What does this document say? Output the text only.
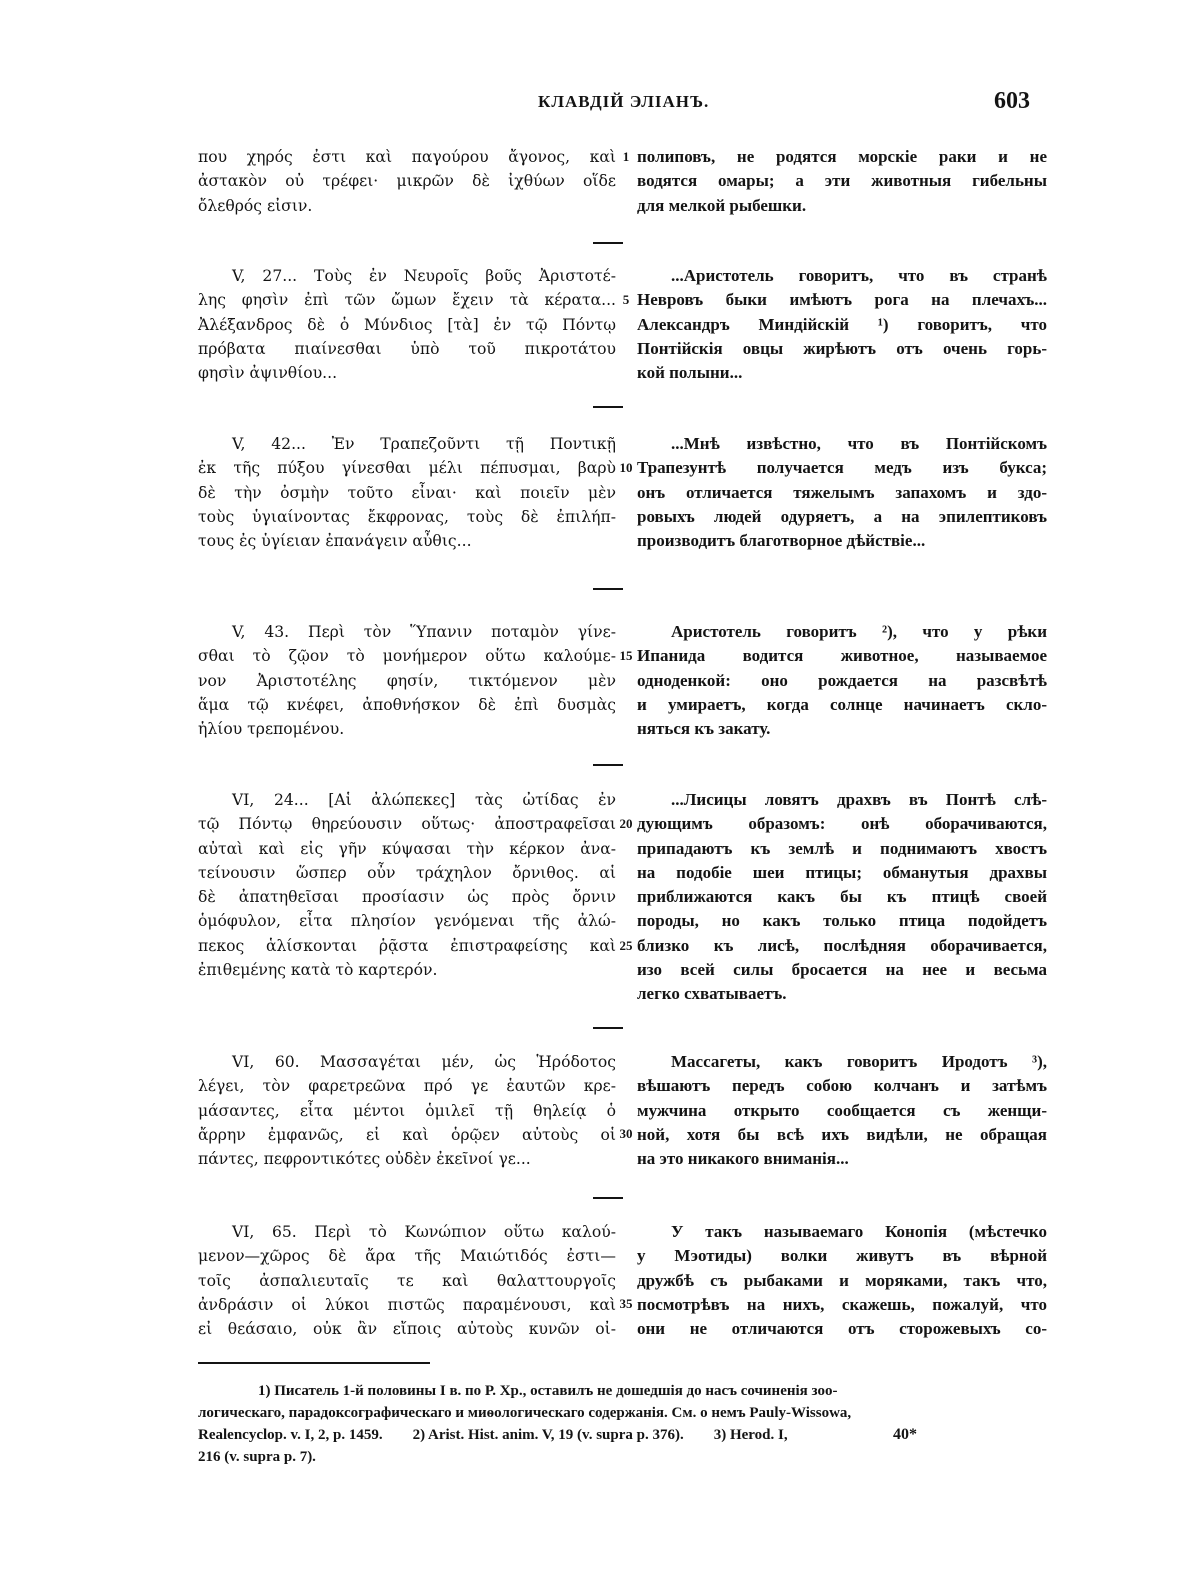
КЛАВДІЙ ЭЛІАНЪ.	603
που χηρός ἐστι καὶ παγούρου ἄγονος, καὶ
ἀστακὸν οὐ τρέφει· μικρῶν δὲ ἰχθύων οἵδε
ὄλεθρός εἰσιν.
1 полиповъ, не родятся морскіе раки и не
водятся омары; а эти животныя гибельны
для мелкой рыбешки.
V, 27... Τοὺς ἐν Νευροῖς βοῦς Ἀριστοτέ-
λης φησὶν ἐπὶ τῶν ὤμων ἔχειν τὰ κέρατα...
Ἀλέξανδρος δὲ ὁ Μύνδιος [τὰ] ἐν τῷ Πόντῳ
πρόβατα πιαίνεσθαι ὑπὸ τοῦ πικροτάτου
φησὶν ἀψινθίου...
5
...Аристотель говоритъ, что въ странѣ
Невровъ быки имѣютъ рога на плечахъ...
Александръ Миндійскій ¹) говоритъ, что
Понтійскія овцы жирѣютъ отъ очень горь-
кой полыни...
V, 42... Ἐν Τραπεζοῦντι τῇ Ποντικῇ
ἐκ τῆς πύξου γίνεσθαι μέλι πέπυσμαι, βαρὺ
δὲ τὴν ὀσμὴν τοῦτο εἶναι· καὶ ποιεῖν μὲν
τοὺς ὑγιαίνοντας ἔκφρονας, τοὺς δὲ ἐπιλήπ-
τους ἐς ὑγίειαν ἐπανάγειν αὖθις...
10
...Мнѣ извѣстно, что въ Понтійскомъ
Трапезунтѣ получается медъ изъ букса;
онъ отличается тяжелымъ запахомъ и здо-
ровыхъ людей одуряетъ, а на эпилептиковъ
производитъ благотворное дѣйствіе...
V, 43. Περὶ τὸν Ὕπανιν ποταμὸν γίνε-
σθαι τὸ ζῷον τὸ μονήμερον οὕτω καλούμε-
νον Ἀριστοτέλης φησίν, τικτόμενον μὲν
ἅμα τῷ κνέφει, ἀποθνήσκον δὲ ἐπὶ δυσμὰς
ἡλίου τρεπομένου.
15
Аристотель говоритъ ²), что у рѣки
Ипанида водится животное, называемое
одноденкой: оно рождается на разсвѣтѣ
и умираетъ, когда солнце начинаетъ скло-
няться къ закату.
VI, 24... [Αἱ ἀλώπεκες] τὰς ὠτίδας ἐν
τῷ Πόντῳ θηρεύουσιν οὕτως· ἀποστραφεῖσαι
αὐταὶ καὶ εἰς γῆν κύψασαι τὴν κέρκον ἀνα-
τείνουσιν ὥσπερ οὖν τράχηλον ὄρνιθος. αἱ
δὲ ἀπατηθεῖσαι προσίασιν ὡς πρὸς ὄρνιν
ὁμόφυλον, εἶτα πλησίον γενόμεναι τῆς ἀλώ-
πεκος ἁλίσκονται ῥᾷστα ἐπιστραφείσης καὶ
ἐπιθεμένης κατὰ τὸ καρτερόν.
20
25
...Лисицы ловятъ драхвъ въ Понтѣ слѣ-
дующимъ образомъ: онѣ оборачиваются,
припадаютъ къ землѣ и поднимаютъ хвостъ
на подобіе шеи птицы; обманутыя драхвы
приближаются какъ бы къ птицѣ своей
породы, но какъ только птица подойдетъ
близко къ лисѣ, послѣдняя оборачивается,
изо всей силы бросается на нее и весьма
легко схватываетъ.
VI, 60. Μασσαγέται μέν, ὡς Ἡρόδοτος
λέγει, τὸν φαρετρεῶνα πρό γε ἑαυτῶν κρε-
μάσαντες, εἶτα μέντοι ὁμιλεῖ τῇ θηλείᾳ ὁ
ἄρρην ἐμφανῶς, εἰ καὶ ὁρῷεν αὐτοὺς οἱ
πάντες, πεφροντικότες οὐδὲν ἐκεῖνοί γε...
30
Массагеты, какъ говоритъ Иродотъ ³),
вѣшаютъ передъ собою колчанъ и затѣмъ
мужчина открыто сообщается съ женщи-
ной, хотя бы всѣ ихъ видѣли, не обращая
на это никакого вниманія...
VI, 65. Περὶ τὸ Κωνώπιον οὕτω καλού-
μενον—χῶρος δὲ ἄρα τῆς Μαιώτιδός ἐστι—
τοῖς ἀσπαλιευταῖς τε καὶ θαλαττουργοῖς
ἀνδράσιν οἱ λύκοι πιστῶς παραμένουσι, καὶ
εἰ θεάσαιο, οὐκ ἂν εἴποις αὐτοὺς κυνῶν οἰ-
35
У такъ называемаго Конопія (мѣстечко
у Мэотиды) волки живутъ въ вѣрной
дружбѣ съ рыбаками и моряками, такъ что,
посмотрѣвъ на нихъ, скажешь, пожалуй, что
они не отличаются отъ сторожевыхъ со-
1) Писатель 1-й половины I в. по Р. Хр., оставилъ не дошедшія до насъ сочиненія зоо-
логическаго, парадоксографическаго и миѳологическаго содержанія. См. о немъ Pauly-Wissowa,
Realencyclop. v. I, 2, p. 1459.        2) Arist. Hist. anim. V, 19 (v. supra p. 376).        3) Herod. I,
216 (v. supra p. 7).
40*
